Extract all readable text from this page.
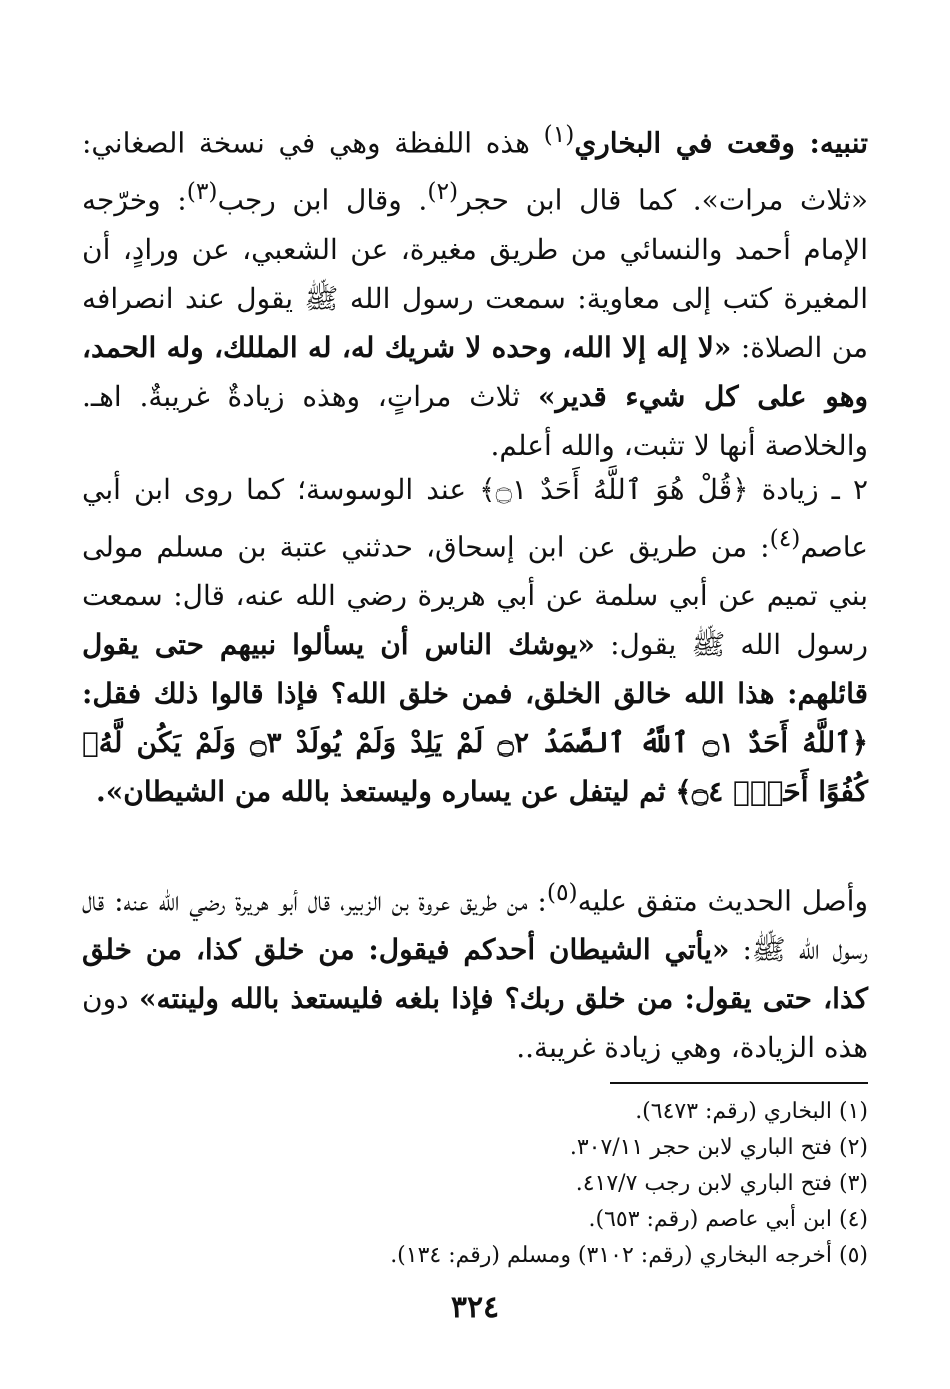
تنبيه: وقعت في البخاري$^{(١)}$ هذه اللفظة وهي في نسخة الصغاني: «ثلاث مرات». كما قال ابن حجر$^{(٢)}$. وقال ابن رجب$^{(٣)}$: وخرّجه الإمام أحمد والنسائي من طريق مغيرة، عن الشعبي، عن ورادٍ، أن المغيرة كتب إلى معاوية: سمعت رسول الله ﷺ يقول عند انصرافه من الصلاة: «لا إله إلا الله، وحده لا شريك له، له المللك، وله الحمد، وهو على كل شيء قدير» ثلاث مراتٍ، وهذه زيادةٌ غريبةٌ. اهـ. والخلاصة أنها لا تثبت، والله أعلم.
٢ ـ زيادة ﴿قُلْ هُوَ ٱللَّهُ أَحَدٌ ۝١﴾ عند الوسوسة؛ كما روى ابن أبي عاصم$^{(٤)}$: من طريق عن ابن إسحاق، حدثني عتبة بن مسلم مولى بني تميم عن أبي سلمة عن أبي هريرة رضي الله عنه، قال: سمعت رسول الله ﷺ يقول: «يوشك الناس أن يسألوا نبيهم حتى يقول قائلهم: هذا الله خالق الخلق، فمن خلق الله؟ فإذا قالوا ذلك فقل: ﴿ٱللَّهُ أَحَدٌ ۝١ ٱللَّهُ ٱلصَّمَدُ ۝٢ لَمْ يَلِدْ وَلَمْ يُولَدْ ۝٣ وَلَمْ يَكُن لَّهُۥ كُفُوًا أَحَدٌۢ ۝٤﴾ ثم ليتفل عن يساره وليستعذ بالله من الشيطان».
وأصل الحديث متفق عليه$^{(٥)}$: من طريق عروة بن الزبير، قال أبو هريرة رضي الله عنه: قال رسول الله ﷺ: «يأتي الشيطان أحدكم فيقول: من خلق كذا، من خلق كذا، حتى يقول: من خلق ربك؟ فإذا بلغه فليستعذ بالله ولينته» دون هذه الزيادة، وهي زيادة غريبة..

(١) البخاري (رقم: ٦٤٧٣).

(٢) فتح الباري لابن حجر ٣٠٧/١١.

(٣) فتح الباري لابن رجب ٤١٧/٧.

(٤) ابن أبي عاصم (رقم: ٦٥٣).

(٥) أخرجه البخاري (رقم: ٣١٠٢) ومسلم (رقم: ١٣٤).

٣٢٤
